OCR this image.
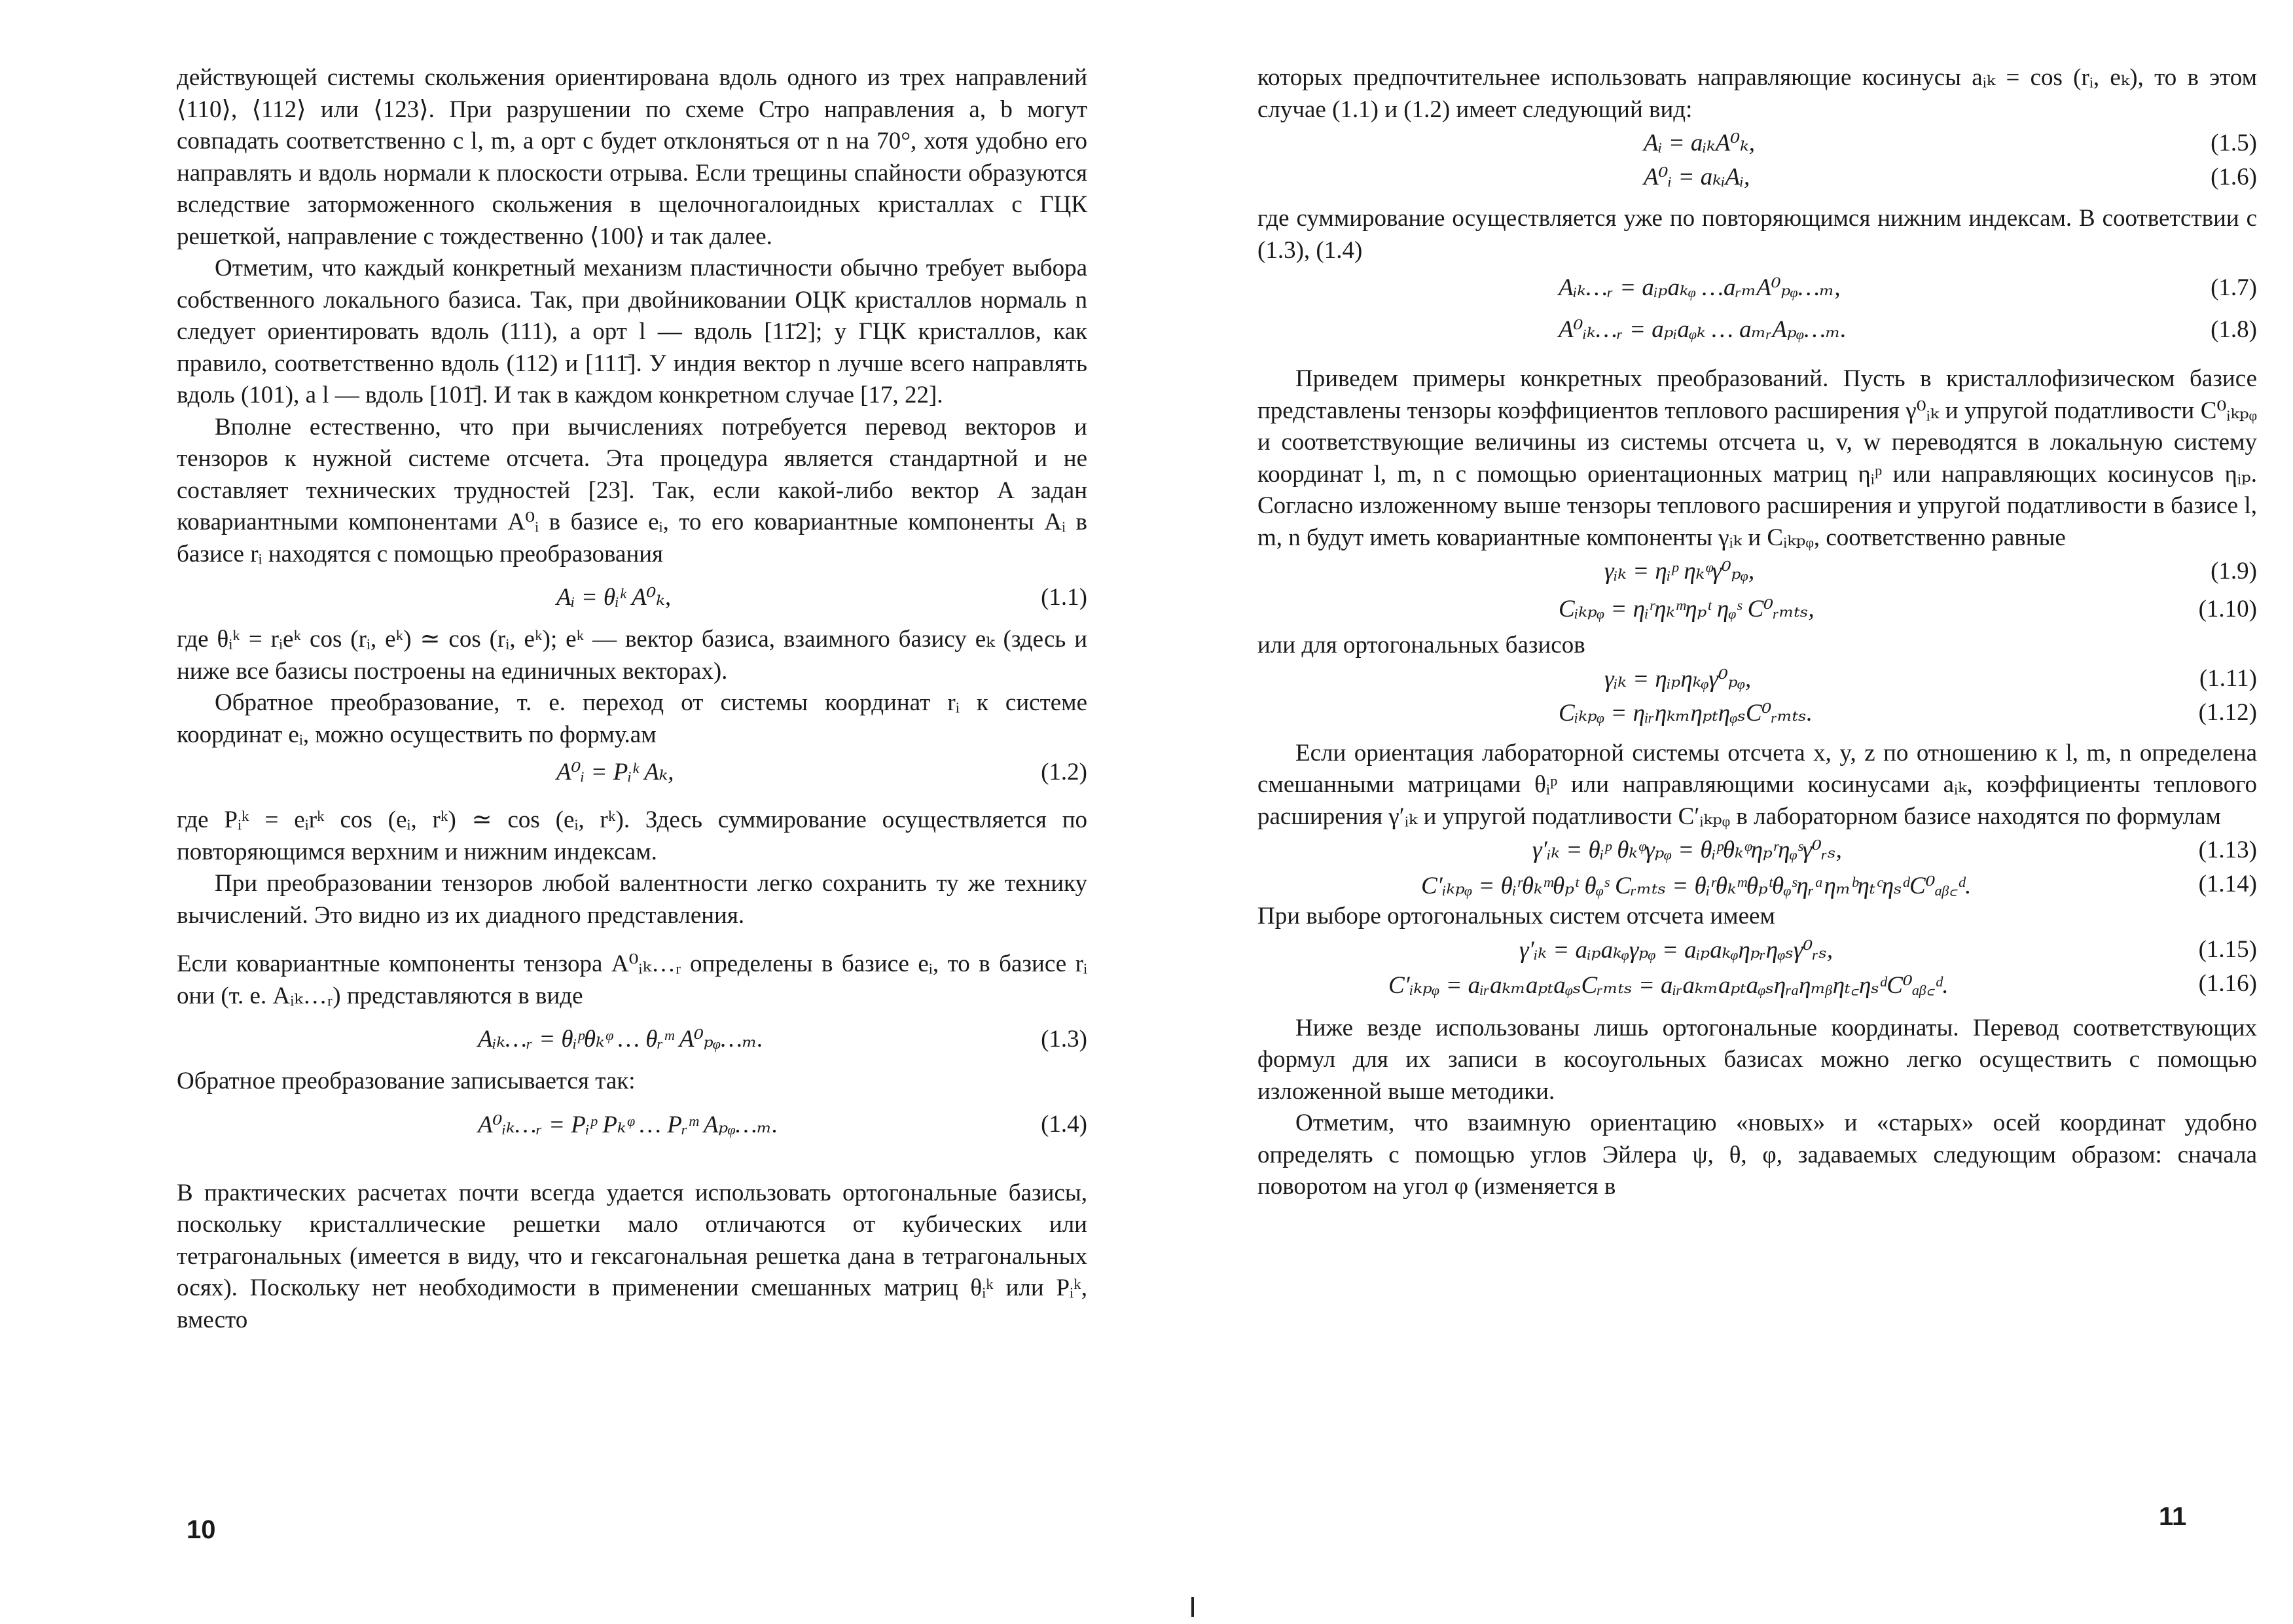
действующей системы скольжения ориентирована вдоль одного из трех направлений ⟨110⟩, ⟨112⟩ или ⟨123⟩. При разрушении по схеме Стро направления a, b могут совпадать соответственно с l, m, а орт c будет отклоняться от n на 70°, хотя удобно его направлять и вдоль нормали к плоскости отрыва. Если трещины спайности образуются вследствие заторможенного скольжения в щелочногалоидных кристаллах с ГЦК решеткой, направление c тождественно ⟨100⟩ и так далее.

Отметим, что каждый конкретный механизм пластичности обычно требует выбора собственного локального базиса. Так, при двойниковании ОЦК кристаллов нормаль n следует ориентировать вдоль (111), а орт l — вдоль [11̄2]; у ГЦК кристаллов, как правило, соответственно вдоль (112) и [111̄]. У индия вектор n лучше всего направлять вдоль (101), а l — вдоль [101̄]. И так в каждом конкретном случае [17, 22].

Вполне естественно, что при вычислениях потребуется перевод векторов и тензоров к нужной системе отсчета. Эта процедура является стандартной и не составляет технических трудностей [23]. Так, если какой-либо вектор A задан ковариантными компонентами A⁰ᵢ в базисе eᵢ, то его ковариантные компоненты Aᵢ в базисе rᵢ находятся с помощью преобразования

Aᵢ = θᵢᵏ A⁰ₖ,	(1.1)

где θᵢᵏ = rᵢeᵏ cos (rᵢ, eᵏ) ≃ cos (rᵢ, eᵏ); eᵏ — вектор базиса, взаимного базису eₖ (здесь и ниже все базисы построены на единичных векторах).

Обратное преобразование, т. е. переход от системы координат rᵢ к системе координат eᵢ, можно осуществить по форму.ам

A⁰ᵢ = Pᵢᵏ Aₖ,	(1.2)

где Pᵢᵏ = eᵢrᵏ cos (eᵢ, rᵏ) ≃ cos (eᵢ, rᵏ). Здесь суммирование осуществляется по повторяющимся верхним и нижним индексам.

При преобразовании тензоров любой валентности легко сохранить ту же технику вычислений. Это видно из их диадного представления.

Если ковариантные компоненты тензора A⁰ᵢₖ…ᵣ определены в базисе eᵢ, то в базисе rᵢ они (т. е. Aᵢₖ…ᵣ) представляются в виде

Aᵢₖ…ᵣ = θᵢᵖθₖᵠ … θᵣᵐ A⁰ₚᵩ…ₘ.	(1.3)

Обратное преобразование записывается так:

A⁰ᵢₖ…ᵣ = Pᵢᵖ Pₖᵠ … Pᵣᵐ Aₚᵩ…ₘ.	(1.4)

В практических расчетах почти всегда удается использовать ортогональные базисы, поскольку кристаллические решетки мало отличаются от кубических или тетрагональных (имеется в виду, что и гексагональная решетка дана в тетрагональных осях). Поскольку нет необходимости в применении смешанных матриц θᵢᵏ или Pᵢᵏ, вместо

10

которых предпочтительнее использовать направляющие косинусы aᵢₖ = cos (rᵢ, eₖ), то в этом случае (1.1) и (1.2) имеет следующий вид:

Aᵢ = aᵢₖA⁰ₖ,	(1.5)
A⁰ᵢ = aₖᵢAᵢ,	(1.6)

где суммирование осуществляется уже по повторяющимся нижним индексам. В соответствии с (1.3), (1.4)

Aᵢₖ…ᵣ = aᵢₚaₖᵩ …aᵣₘA⁰ₚᵩ…ₘ,	(1.7)
A⁰ᵢₖ…ᵣ = aₚᵢaᵩₖ … aₘᵣAₚᵩ…ₘ.	(1.8)

Приведем примеры конкретных преобразований. Пусть в кристаллофизическом базисе представлены тензоры коэффициентов теплового расширения γ⁰ᵢₖ и упругой податливости C⁰ᵢₖₚᵩ и соответствующие величины из системы отсчета u, v, w переводятся в локальную систему координат l, m, n с помощью ориентационных матриц ηᵢᵖ или направляющих косинусов ηᵢₚ. Согласно изложенному выше тензоры теплового расширения и упругой податливости в базисе l, m, n будут иметь ковариантные компоненты γᵢₖ и Cᵢₖₚᵩ, соответственно равные

γᵢₖ = ηᵢᵖ ηₖᵠγ⁰ₚᵩ,	(1.9)
Cᵢₖₚᵩ = ηᵢʳηₖᵐηₚᵗ ηᵩˢ C⁰ᵣₘₜₛ,	(1.10)

или для ортогональных базисов

γᵢₖ = ηᵢₚηₖᵩγ⁰ₚᵩ,	(1.11)
Cᵢₖₚᵩ = ηᵢᵣηₖₘηₚₜηᵩₛC⁰ᵣₘₜₛ.	(1.12)

Если ориентация лабораторной системы отсчета x, y, z по отношению к l, m, n определена смешанными матрицами θᵢᵖ или направляющими косинусами aᵢₖ, коэффициенты теплового расширения γ′ᵢₖ и упругой податливости C′ᵢₖₚᵩ в лабораторном базисе находятся по формулам

γ′ᵢₖ = θᵢᵖ θₖᵠγₚᵩ = θᵢᵖθₖᵠηₚʳηᵩˢγ⁰ᵣₛ,	(1.13)
C′ᵢₖₚᵩ = θᵢʳθₖᵐθₚᵗ θᵩˢ Cᵣₘₜₛ = θᵢʳθₖᵐθₚᵗθᵩˢηᵣᵃηₘᵇηₜᶜηₛᵈC⁰ₐᵦ꜀ᵈ.	(1.14)

При выборе ортогональных систем отсчета имеем

γ′ᵢₖ = aᵢₚaₖᵩγₚᵩ = aᵢₚaₖᵩηₚᵣηᵩₛγ⁰ᵣₛ,	(1.15)
C′ᵢₖₚᵩ = aᵢᵣaₖₘaₚₜaᵩₛCᵣₘₜₛ = aᵢᵣaₖₘaₚₜaᵩₛηᵣₐηₘᵦηₜ꜀ηₛᵈC⁰ₐᵦ꜀ᵈ.	(1.16)

Ниже везде использованы лишь ортогональные координаты. Перевод соответствующих формул для их записи в косоугольных базисах можно легко осуществить с помощью изложенной выше методики.

Отметим, что взаимную ориентацию «новых» и «старых» осей координат удобно определять с помощью углов Эйлера ψ, θ, φ, задаваемых следующим образом: сначала поворотом на угол φ (изменяется в

11
